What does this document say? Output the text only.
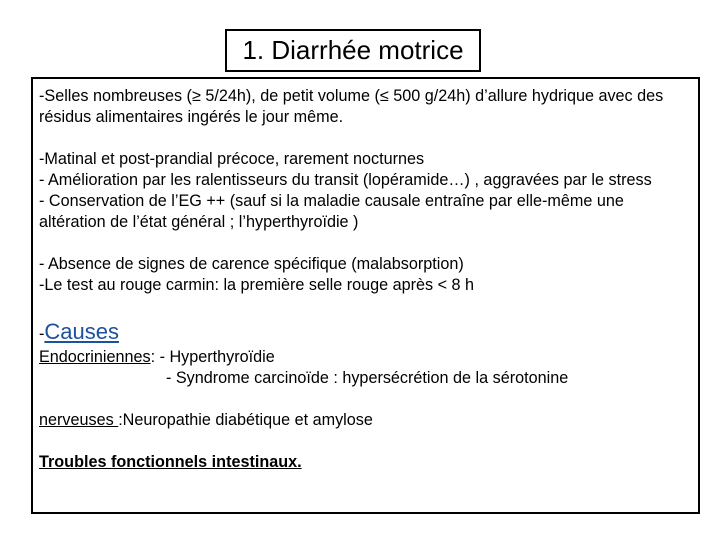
1. Diarrhée motrice

-Selles nombreuses (≥ 5/24h), de petit volume (≤ 500 g/24h) d’allure hydrique avec des résidus alimentaires ingérés le jour même.

-Matinal et post-prandial précoce, rarement nocturnes

- Amélioration par les ralentisseurs du transit (lopéramide…) , aggravées par le stress

- Conservation de l’EG ++ (sauf si la maladie causale entraîne par elle-même une altération de l’état général ; l’hyperthyroïdie )

- Absence de signes de carence spécifique (malabsorption)

-Le test au rouge carmin: la première selle rouge après < 8 h

-Causes

Endocriniennes: - Hyperthyroïdie

- Syndrome carcinoïde : hypersécrétion de la sérotonine

nerveuses :Neuropathie diabétique et amylose

Troubles fonctionnels intestinaux.
